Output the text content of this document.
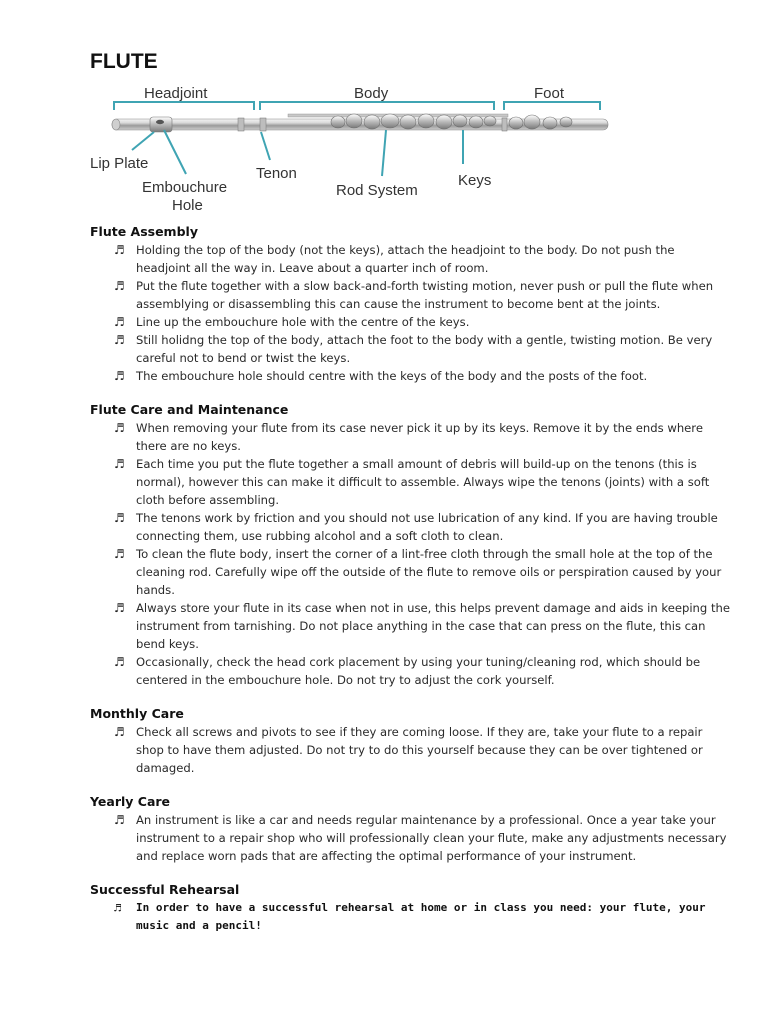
FLUTE
Headjoint	Body	Foot
Lip Plate
Embouchure
Hole
Tenon
Rod System
Keys
Flute Assembly
♬ Holding the top of the body (not the keys), attach the headjoint to the body. Do not push the headjoint all the way in. Leave about a quarter inch of room.
♬ Put the flute together with a slow back-and-forth twisting motion, never push or pull the flute when assemblying or disassembling this can cause the instrument to become bent at the joints.
♬ Line up the embouchure hole with the centre of the keys.
♬ Still holidng the top of the body, attach the foot to the body with a gentle, twisting motion. Be very careful not to bend or twist the keys.
♬ The embouchure hole should centre with the keys of the body and the posts of the foot.
Flute Care and Maintenance
♬ When removing your flute from its case never pick it up by its keys. Remove it by the ends where there are no keys.
♬ Each time you put the flute together a small amount of debris will build-up on the tenons (this is normal), however this can make it difficult to assemble. Always wipe the tenons (joints) with a soft cloth before assembling.
♬ The tenons work by friction and you should not use lubrication of any kind. If you are having trouble connecting them, use rubbing alcohol and a soft cloth to clean.
♬ To clean the flute body, insert the corner of a lint-free cloth through the small hole at the top of the cleaning rod. Carefully wipe off the outside of the flute to remove oils or perspiration caused by your hands.
♬ Always store your flute in its case when not in use, this helps prevent damage and aids in keeping the instrument from tarnishing. Do not place anything in the case that can press on the flute, this can bend keys.
♬ Occasionally, check the head cork placement by using your tuning/cleaning rod, which should be centered in the embouchure hole. Do not try to adjust the cork yourself.
Monthly Care
♬ Check all screws and pivots to see if they are coming loose. If they are, take your flute to a repair shop to have them adjusted. Do not try to do this yourself because they can be over tightened or damaged.
Yearly Care
♬ An instrument is like a car and needs regular maintenance by a professional. Once a year take your instrument to a repair shop who will professionally clean your flute, make any adjustments necessary and replace worn pads that are affecting the optimal performance of your instrument.
Successful Rehearsal
♬ In order to have a successful rehearsal at home or in class you need: your flute, your music and a pencil!
